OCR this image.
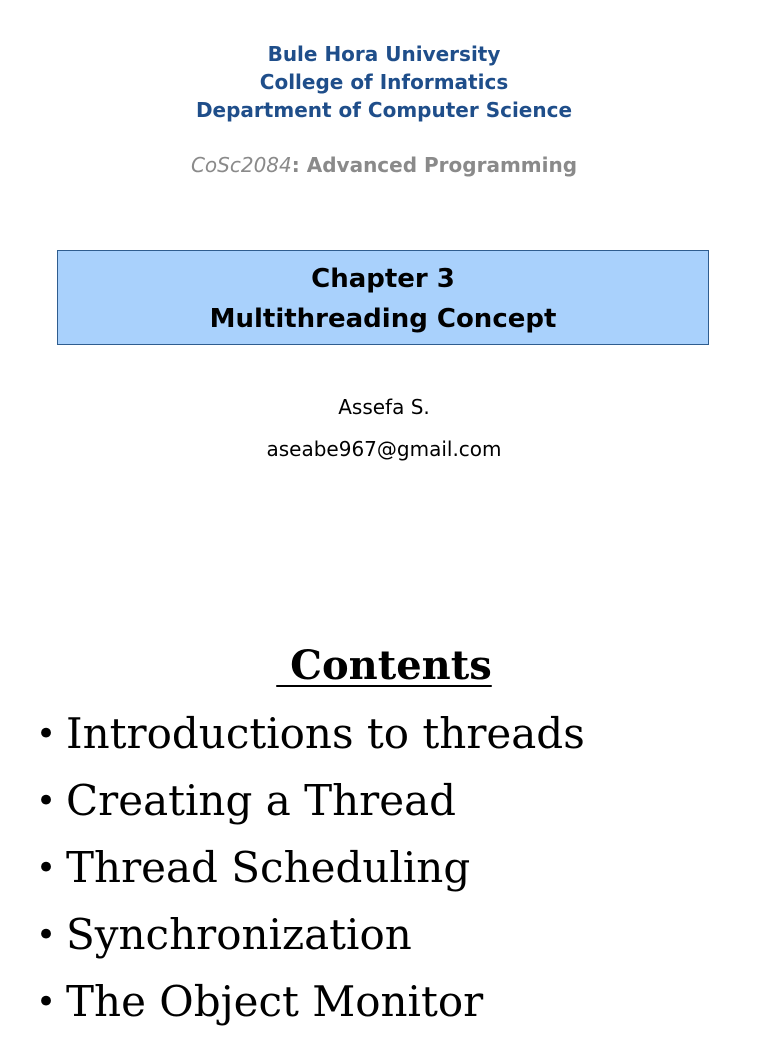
Bule Hora University
College of Informatics
Department of Computer Science
CoSc2084: Advanced Programming
Chapter 3
Multithreading Concept
Assefa S.
aseabe967@gmail.com
Contents
• Introductions to threads
• Creating a Thread
• Thread Scheduling
• Synchronization
• The Object Monitor
